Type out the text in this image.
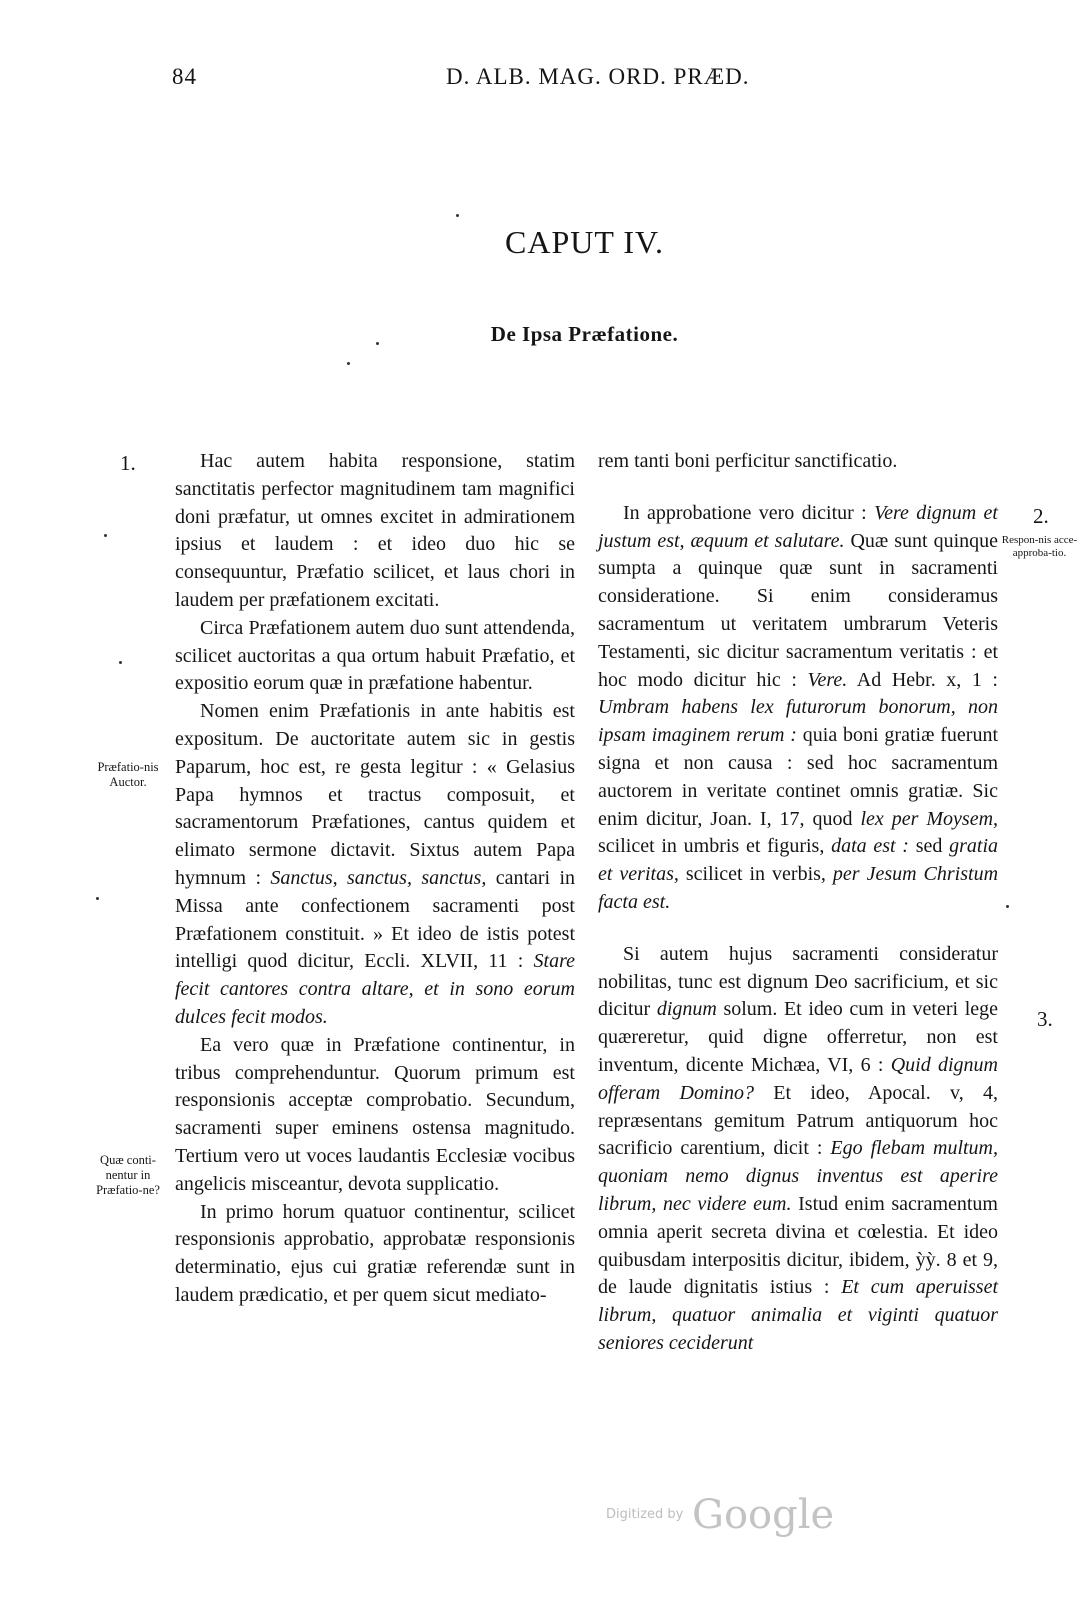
84	D. ALB. MAG. ORD. PRÆD.
CAPUT IV.
De Ipsa Præfatione.
1.
2.
3.
Præfatio-nis Auctor.
Quæ conti-nentur in Præfatio-ne?
Respon-nis acce-approba-tio.

Hac autem habita responsione, statim sanctitatis perfector magnitudinem tam magnifici doni præfatur, ut omnes excitet in admirationem ipsius et laudem : et ideo duo hic se consequuntur, Præfatio scilicet, et laus chori in laudem per præfationem excitati.

Circa Præfationem autem duo sunt attendenda, scilicet auctoritas a qua ortum habuit Præfatio, et expositio eorum quæ in præfatione habentur.

Nomen enim Præfationis in ante habitis est expositum. De auctoritate autem sic in gestis Paparum, hoc est, re gesta legitur : « Gelasius Papa hymnos et tractus composuit, et sacramentorum Præfationes, cantus quidem et elimato sermone dictavit. Sixtus autem Papa hymnum : Sanctus, sanctus, sanctus, cantari in Missa ante confectionem sacramenti post Præfationem constituit. » Et ideo de istis potest intelligi quod dicitur, Eccli. XLVII, 11 : Stare fecit cantores contra altare, et in sono eorum dulces fecit modos.

Ea vero quæ in Præfatione continentur, in tribus comprehenduntur. Quorum primum est responsionis acceptæ comprobatio. Secundum, sacramenti super eminens ostensa magnitudo. Tertium vero ut voces laudantis Ecclesiæ vocibus angelicis misceantur, devota supplicatio.

In primo horum quatuor continentur, scilicet responsionis approbatio, approbatæ responsionis determinatio, ejus cui gratiæ referendæ sunt in laudem prædicatio, et per quem sicut mediato-

rem tanti boni perficitur sanctificatio.

In approbatione vero dicitur : Vere dignum et justum est, æquum et salutare. Quæ sunt quinque sumpta a quinque quæ sunt in sacramenti consideratione. Si enim consideramus sacramentum ut veritatem umbrarum Veteris Testamenti, sic dicitur sacramentum veritatis : et hoc modo dicitur hic : Vere. Ad Hebr. x, 1 : Umbram habens lex futurorum bonorum, non ipsam imaginem rerum : quia boni gratiæ fuerunt signa et non causa : sed hoc sacramentum auctorem in veritate continet omnis gratiæ. Sic enim dicitur, Joan. I, 17, quod lex per Moysem, scilicet in umbris et figuris, data est : sed gratia et veritas, scilicet in verbis, per Jesum Christum facta est.

Si autem hujus sacramenti consideratur nobilitas, tunc est dignum Deo sacrificium, et sic dicitur dignum solum. Et ideo cum in veteri lege quæreretur, quid digne offerretur, non est inventum, dicente Michæa, VI, 6 : Quid dignum offeram Domino? Et ideo, Apocal. v, 4, repræsentans gemitum Patrum antiquorum hoc sacrificio carentium, dicit : Ego flebam multum, quoniam nemo dignus inventus est aperire librum, nec videre eum. Istud enim sacramentum omnia aperit secreta divina et cœlestia. Et ideo quibusdam interpositis dicitur, ibidem, ỳỳ. 8 et 9, de laude dignitatis istius : Et cum aperuisset librum, quatuor animalia et viginti quatuor seniores ceciderunt

Digitized by Google
